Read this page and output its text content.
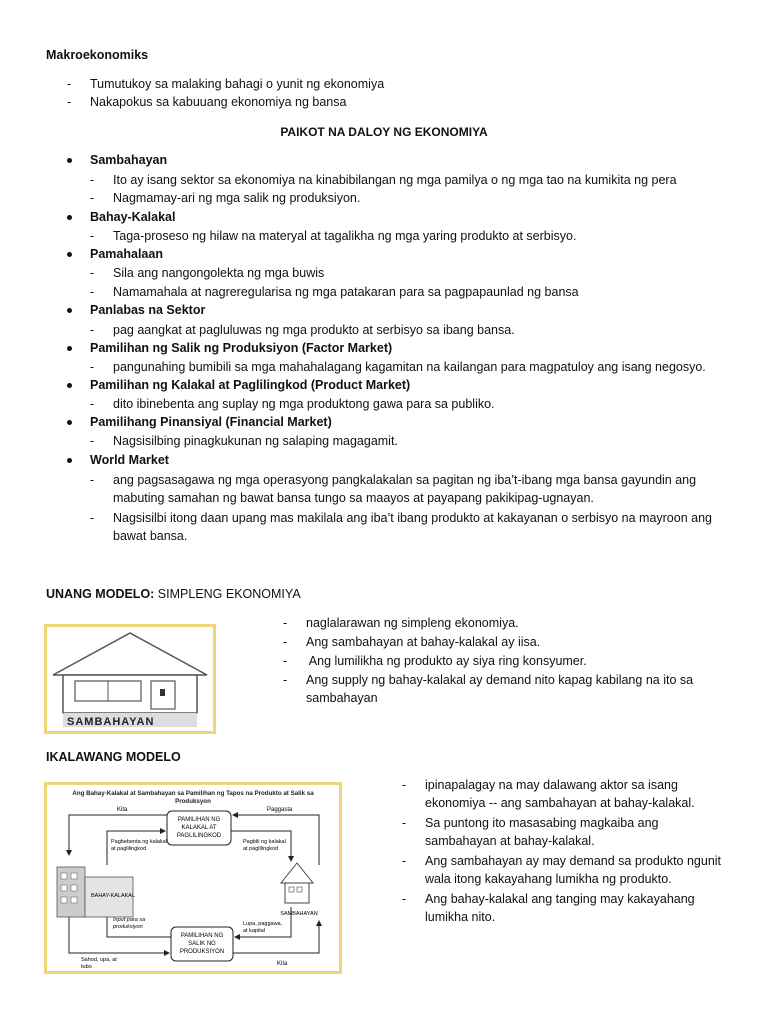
Makroekonomiks
- Tumutukoy sa malaking bahagi o yunit ng ekonomiya
- Nakapokus sa kabuuang ekonomiya ng bansa
PAIKOT NA DALOY NG EKONOMIYA
Sambahayan
- Ito ay isang sektor sa ekonomiya na kinabibilangan ng mga pamilya o ng mga tao na kumikita ng pera
- Nagmamay-ari ng mga salik ng produksiyon.
Bahay-Kalakal
- Taga-proseso ng hilaw na materyal at tagalikha ng mga yaring produkto at serbisyo.
Pamahalaan
- Sila ang nangongolekta ng mga buwis
- Namamahala at nagreregularisa ng mga patakaran para sa pagpapaunlad ng bansa
Panlabas na Sektor
- pag aangkat at pagluluwas ng mga produkto at serbisyo sa ibang bansa.
Pamilihan ng Salik ng Produksiyon (Factor Market)
- pangunahing bumibili sa mga mahahalagang kagamitan na kailangan para magpatuloy ang isang negosyo.
Pamilihan ng Kalakal at Paglilingkod (Product Market)
- dito ibinebenta ang suplay ng mga produktong gawa para sa publiko.
Pamilihang Pinansiyal (Financial Market)
- Nagsisilbing pinagkukunan ng salaping magagamit.
World Market
- ang pagsasagawa ng mga operasyong pangkalakalan sa pagitan ng iba’t-ibang mga bansa gayundin ang mabuting samahan ng bawat bansa tungo sa maayos at payapang pakikipag-ugnayan.
- Nagsisilbi itong daan upang mas makilala ang iba’t ibang produkto at kakayanan o serbisyo na mayroon ang bawat bansa.
UNANG MODELO: SIMPLENG EKONOMIYA
SAMBAHAYAN
- naglalarawan ng simpleng ekonomiya.
- Ang sambahayan at bahay-kalakal ay iisa.
- Ang lumilikha ng produkto ay siya ring konsyumer.
- Ang supply ng bahay-kalakal ay demand nito kapag kabilang na ito sa sambahayan
IKALAWANG MODELO
Ang Bahay-Kalakal at Sambahayan sa Pamilihan ng Tapos na Produkto at Salik sa
Produksyon
PAMILIHAN NG
KALAKAL AT
PAGLILINGKOD
PAMILIHAN NG
SALIK NG
PRODUKSIYON
Kita	Paggasta
Pagbebenta ng kalakal
at paglilingkod
Pagbili ng kalakal
at paglilingkod
BAHAY-KALAKAL
SAMBAHAYAN
Input para sa
produksiyon	Lupa, paggawa,
at kapital
Sahod, upa, at
tubo	Kita
- ipinapalagay na may dalawang aktor sa isang ekonomiya -- ang sambahayan at bahay-kalakal.
- Sa puntong ito masasabing magkaiba ang sambahayan at bahay-kalakal.
- Ang sambahayan ay may demand sa produkto ngunit wala itong kakayahang lumikha ng produkto.
- Ang bahay-kalakal ang tanging may kakayahang lumikha nito.
